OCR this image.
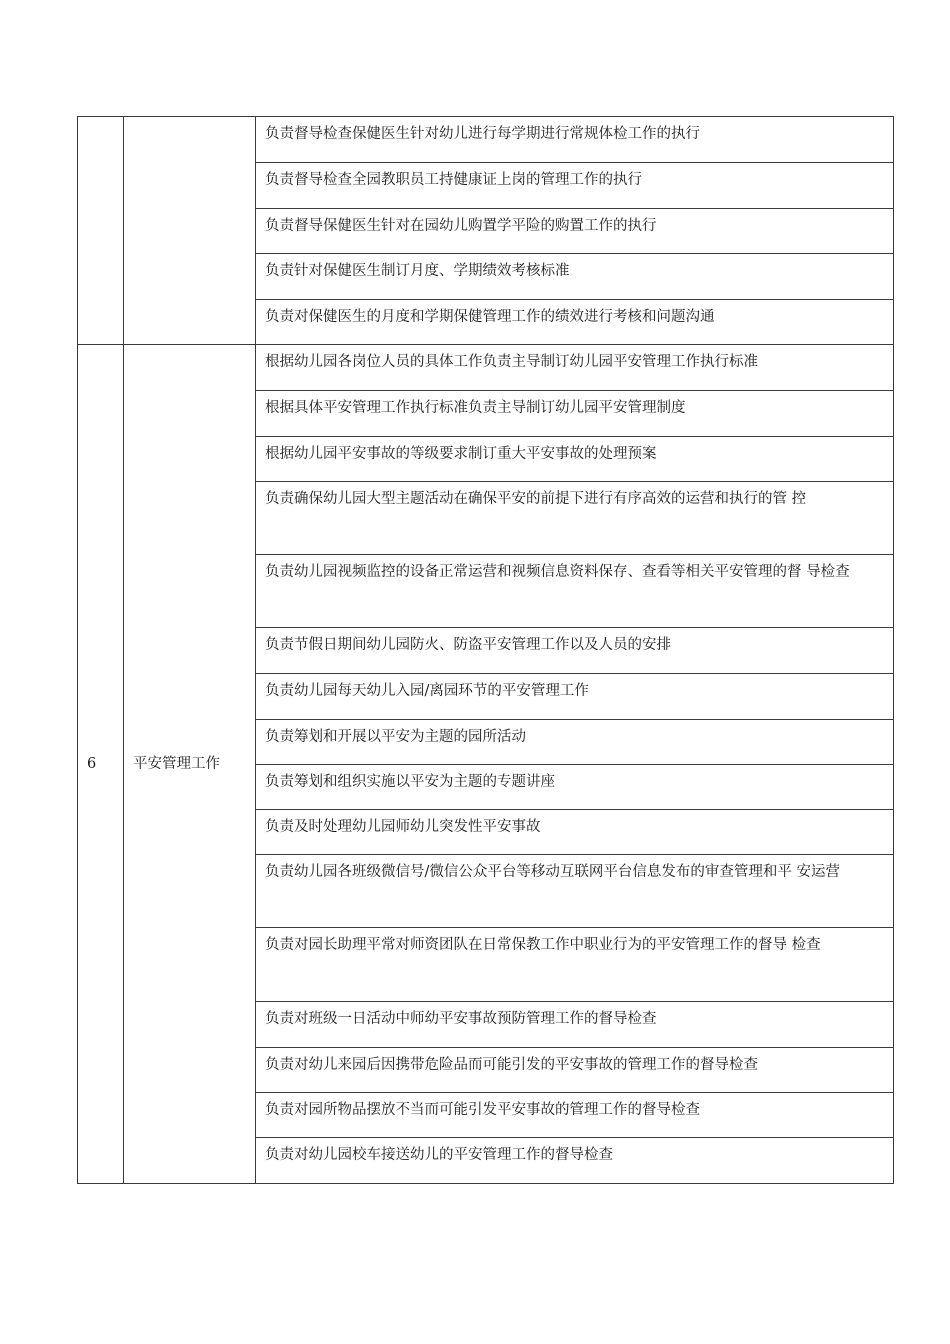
		负责督导检查保健医生针对幼儿进行每学期进行常规体检工作的执行

		负责督导检查全园教职员工持健康证上岗的管理工作的执行

		负责督导保健医生针对在园幼儿购置学平险的购置工作的执行

		负责针对保健医生制订月度、学期绩效考核标准

		负责对保健医生的月度和学期保健管理工作的绩效进行考核和问题沟通

6	平安管理工作	根据幼儿园各岗位人员的具体工作负责主导制订幼儿园平安管理工作执行标准

		根据具体平安管理工作执行标准负责主导制订幼儿园平安管理制度

		根据幼儿园平安事故的等级要求制订重大平安事故的处理预案

		负责确保幼儿园大型主题活动在确保平安的前提下进行有序高效的运营和执行的管 控

		负责幼儿园视频监控的设备正常运营和视频信息资料保存、查看等相关平安管理的督 导检查

		负责节假日期间幼儿园防火、防盗平安管理工作以及人员的安排

		负责幼儿园每天幼儿入园/离园环节的平安管理工作

		负责筹划和开展以平安为主题的园所活动

		负责筹划和组织实施以平安为主题的专题讲座

		负责及时处理幼儿园师幼儿突发性平安事故

		负责幼儿园各班级微信号/微信公众平台等移动互联网平台信息发布的审查管理和平 安运营

		负责对园长助理平常对师资团队在日常保教工作中职业行为的平安管理工作的督导 检查

		负责对班级一日活动中师幼平安事故预防管理工作的督导检查

		负责对幼儿来园后因携带危险品而可能引发的平安事故的管理工作的督导检查

		负责对园所物品摆放不当而可能引发平安事故的管理工作的督导检查

		负责对幼儿园校车接送幼儿的平安管理工作的督导检查
